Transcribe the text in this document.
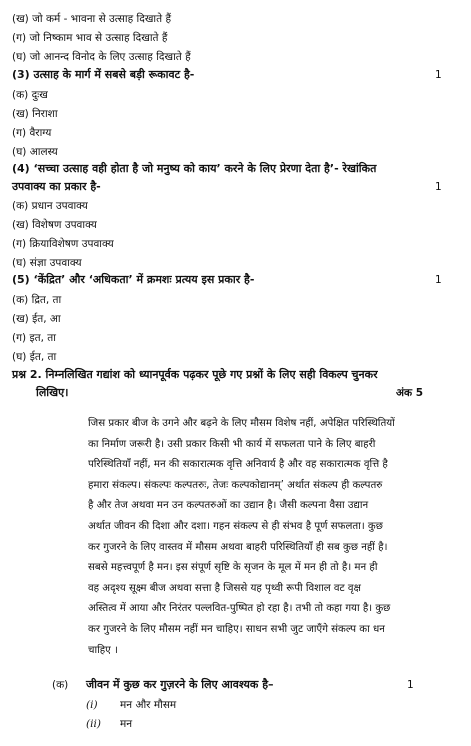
(ख) जो कर्म - भावना से उत्साह दिखाते हैं
(ग) जो निष्काम भाव से उत्साह दिखाते हैं
(घ) जो आनन्द विनोद के लिए उत्साह दिखाते हैं
(3) उत्साह के मार्ग में सबसे बड़ी रूकावट है-	1
(क) दुःख
(ख) निराशा
(ग) वैराग्य
(घ) आलस्य
(4) ‘सच्चा उत्साह वही होता है जो मनुष्य को काय’ करने के लिए प्रेरणा देता है’- रेखांकित
उपवाक्य का प्रकार है-	1
(क) प्रधान उपवाक्य
(ख) विशेषण उपवाक्य
(ग) क्रियाविशेषण उपवाक्य
(घ) संज्ञा उपवाक्य
(5) ‘केंद्रित’ और ‘अधिकता’ में क्रमशः प्रत्यय इस प्रकार है-	1
(क) द्रित, ता
(ख) ईत, आ
(ग) इत, ता
(घ) ईत, ता
प्रश्न 2. निम्नलिखित गद्यांश को ध्यानपूर्वक पढ़कर पूछे गए प्रश्नों के लिए सही विकल्प चुनकर
लिखिए।	अंक 5
जिस प्रकार बीज के उगने और बढ़ने के लिए मौसम विशेष नहीं, अपेक्षित परिस्थितियों
का निर्माण जरूरी है। उसी प्रकार किसी भी कार्य में सफलता पाने के लिए बाहरी
परिस्थितियाँ नहीं, मन की सकारात्मक वृत्ति अनिवार्य है और वह सकारात्मक वृत्ति है
हमारा संकल्प। संकल्पः कल्पतरुः, तेजः कल्पकोद्यानम्’ अर्थात संकल्प ही कल्पतरु
है और तेज अथवा मन उन कल्पतरुओं का उद्यान है। जैसी कल्पना वैसा उद्यान
अर्थात जीवन की दिशा और दशा। गहन संकल्प से ही संभव है पूर्ण सफलता। कुछ
कर गुजरने के लिए वास्तव में मौसम अथवा बाहरी परिस्थितियाँ ही सब कुछ नहीं है।
सबसे महत्त्वपूर्ण है मन। इस संपूर्ण सृष्टि के सृजन के मूल में मन ही तो है। मन ही
वह अदृश्य सूक्ष्म बीज अथवा सत्ता है जिससे यह पृथ्वी रूपी विशाल वट वृक्ष
अस्तित्व में आया और निरंतर पल्लवित-पुष्पित हो रहा है। तभी तो कहा गया है। कुछ
कर गुजरने के लिए मौसम नहीं मन चाहिए। साधन सभी जुट जाएँगे संकल्प का धन
चाहिए ।
(क) जीवन में कुछ कर गुज़रने के लिए आवश्यक है–	1
(i) मन और मौसम
(ii) मन
